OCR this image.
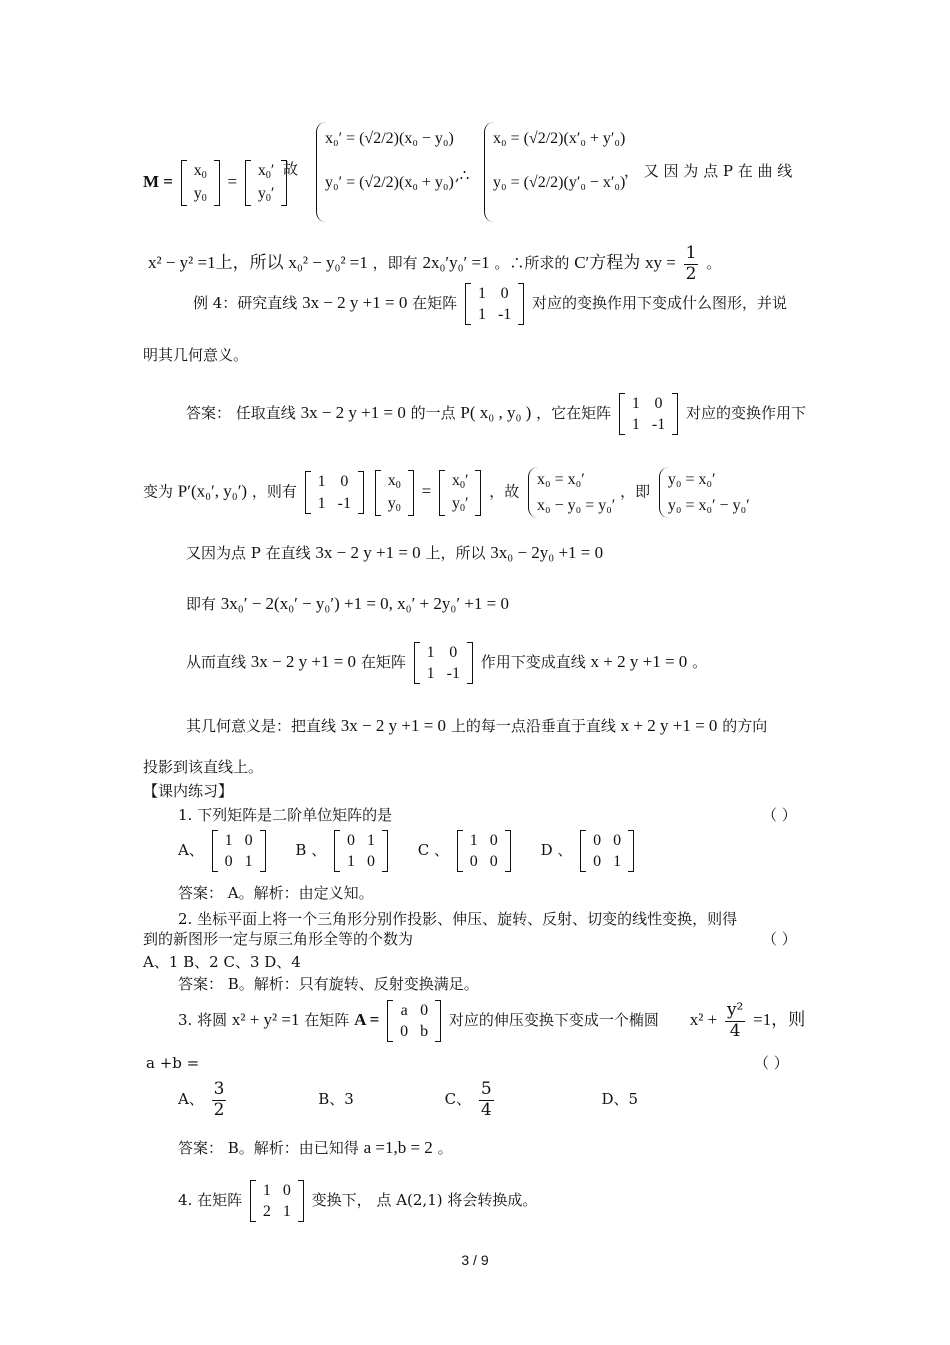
M =
$x_0$
$y_0$
=
$x_0'$
$y_0'$
故
x₀′ = (√2/2)(x₀ − y₀)
y₀′ = (√2/2)(x₀ + y₀) ,∴
x₀ = (√2/2)(x′₀ + y′₀)
y₀ = (√2/2)(y′₀ − x′₀)
， 又 因 为 点 P 在 曲 线
x² − y² =1上，所以 x₀² − y₀² =1 ，即有 2x₀′y₀′ =1 。∴所求的 C′方程为 xy = $\frac{1}{2}$ 。
例 4：研究直线 3x − 2 y +1 = 0 在矩阵
1	0
1	-1
对应的变换作用下变成什么图形，并说
明其几何意义。
答案： 任取直线 3x − 2 y +1 = 0 的一点 P( x₀ , y₀ ) ，它在矩阵
1	0
1	-1
对应的变换作用下
变为 P′(x₀′, y₀′) ，则有
1	0
1	-1

$x_0$
$y_0$
=
$x_0'$
$y_0'$
，故
x₀ = x₀′
x₀ − y₀ = y₀′
，即
y₀ = x₀′
y₀ = x₀′ − y₀′
又因为点 P 在直线 3x − 2 y +1 = 0 上，所以 3x₀ − 2y₀ +1 = 0
即有 3x₀′ − 2(x₀′ − y₀′) +1 = 0, x₀′ + 2y₀′ +1 = 0
从而直线 3x − 2 y +1 = 0 在矩阵
1	0
1	-1
作用下变成直线 x + 2 y +1 = 0 。
其几何意义是：把直线 3x − 2 y +1 = 0 上的每一点沿垂直于直线 x + 2 y +1 = 0 的方向
投影到该直线上。
【课内练习】
1. 下列矩阵是二阶单位矩阵的是	（ ）
A、
1	0
0	1
B 、
0	1
1	0
C 、
1	0
0	0
D 、
0	0
0	1
答案： A。解析：由定义知。
2. 坐标平面上将一个三角形分别作投影、伸压、旋转、反射、切变的线性变换，则得
到的新图形一定与原三角形全等的个数为	（ ）
A、1 B、2 C、3 D、4
答案： B。解析：只有旋转、反射变换满足。
3. 将圆 x² + y² =1 在矩阵 A = a	0
0	b
对应的伸压变换下变成一个椭圆 $x^2 + \frac{\text{y²}}{4} =1$，则
a +b =	（ ）
A、 $\frac{3}{2}$	B、3	C、 $\frac{5}{4}$	D、5
答案： B。解析：由已知得 a =1,b = 2 。
4. 在矩阵
1	0
2	1
变换下， 点 A(2,1) 将会转换成。
3 / 9
